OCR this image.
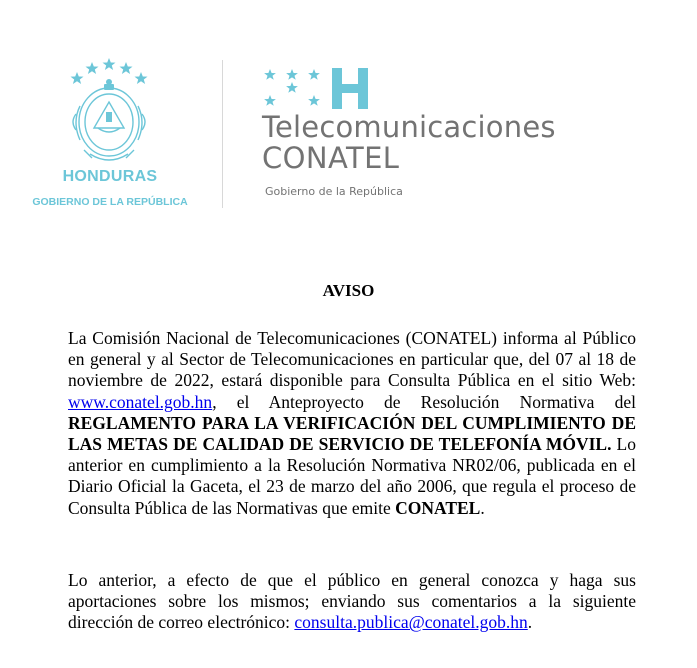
HONDURAS
GOBIERNO DE LA REPÚBLICA
Telecomunicaciones
CONATEL
Gobierno de la República
AVISO

La Comisión Nacional de Telecomunicaciones (CONATEL) informa al Público en general y al Sector de Telecomunicaciones en particular que, del 07 al 18 de noviembre de 2022, estará disponible para Consulta Pública en el sitio Web: www.conatel.gob.hn, el Anteproyecto de Resolución Normativa del REGLAMENTO PARA LA VERIFICACIÓN DEL CUMPLIMIENTO DE LAS METAS DE CALIDAD DE SERVICIO DE TELEFONÍA MÓVIL. Lo anterior en cumplimiento a la Resolución Normativa NR02/06, publicada en el Diario Oficial la Gaceta, el 23 de marzo del año 2006, que regula el proceso de Consulta Pública de las Normativas que emite CONATEL.

Lo anterior, a efecto de que el público en general conozca y haga sus aportaciones sobre los mismos; enviando sus comentarios a la siguiente dirección de correo electrónico: consulta.publica@conatel.gob.hn.
